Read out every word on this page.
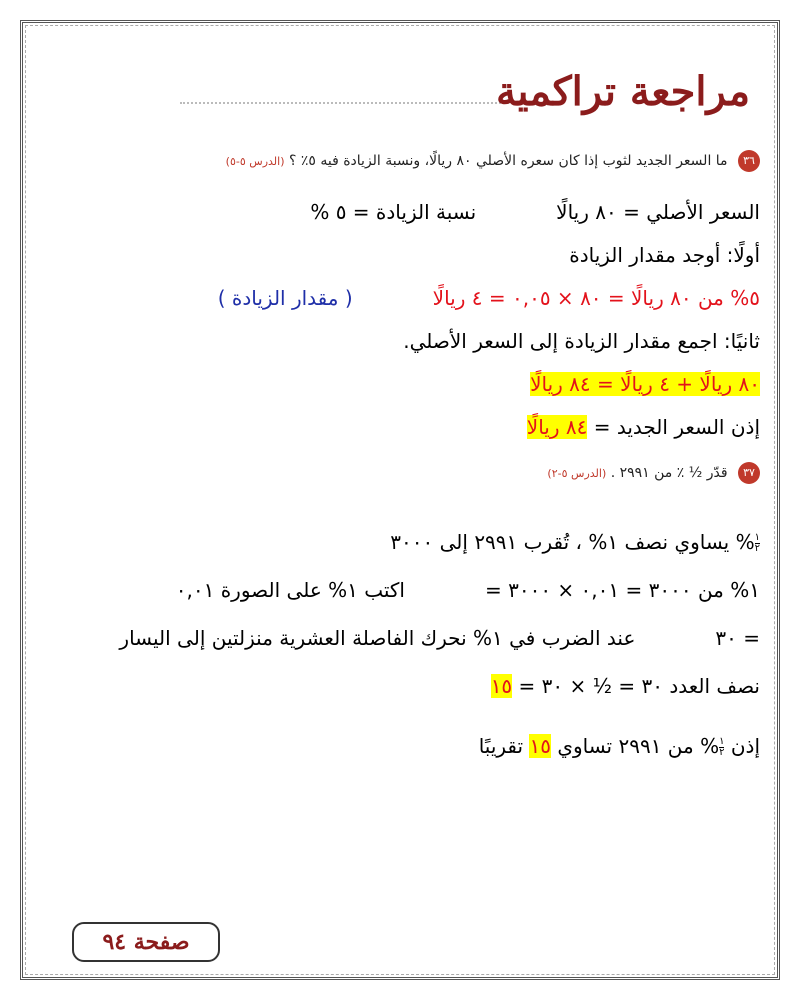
مراجعة تراكمية
٣٦ ما السعر الجديد لثوب إذا كان سعره الأصلي ٨٠ ريالًا، ونسبة الزيادة فيه ٥٪ ؟ (الدرس ٥-٥)
السعر الأصلي = ٨٠ ريالًانسبة الزيادة = ٥ %
أولًا: أوجد مقدار الزيادة
٥% من ٨٠ ريالًا = ٨٠ × ٠,٠٥ = ٤ ريالًا( مقدار الزيادة )
ثانيًا: اجمع مقدار الزيادة إلى السعر الأصلي.
٨٠ ريالًا + ٤ ريالًا = ٨٤ ريالًا
إذن السعر الجديد = ٨٤ ريالًا
٣٧ قدّر ½ ٪ من ٢٩٩١ . (الدرس ٥-٢)
$\frac{١}{٢}$
% يساوي نصف ١% ، تُقرب ٢٩٩١ إلى ٣٠٠٠
١% من ٣٠٠٠ = ٠,٠١ × ٣٠٠٠ =اكتب ١% على الصورة ٠,٠١
= ٣٠عند الضرب في ١% نحرك الفاصلة العشرية منزلتين إلى اليسار
نصف العدد ٣٠ = ½ × ٣٠ = ١٥
إذن
$\frac{١}{٢}$
% من ٢٩٩١ تساوي ١٥ تقريبًا
صفحة ٩٤
